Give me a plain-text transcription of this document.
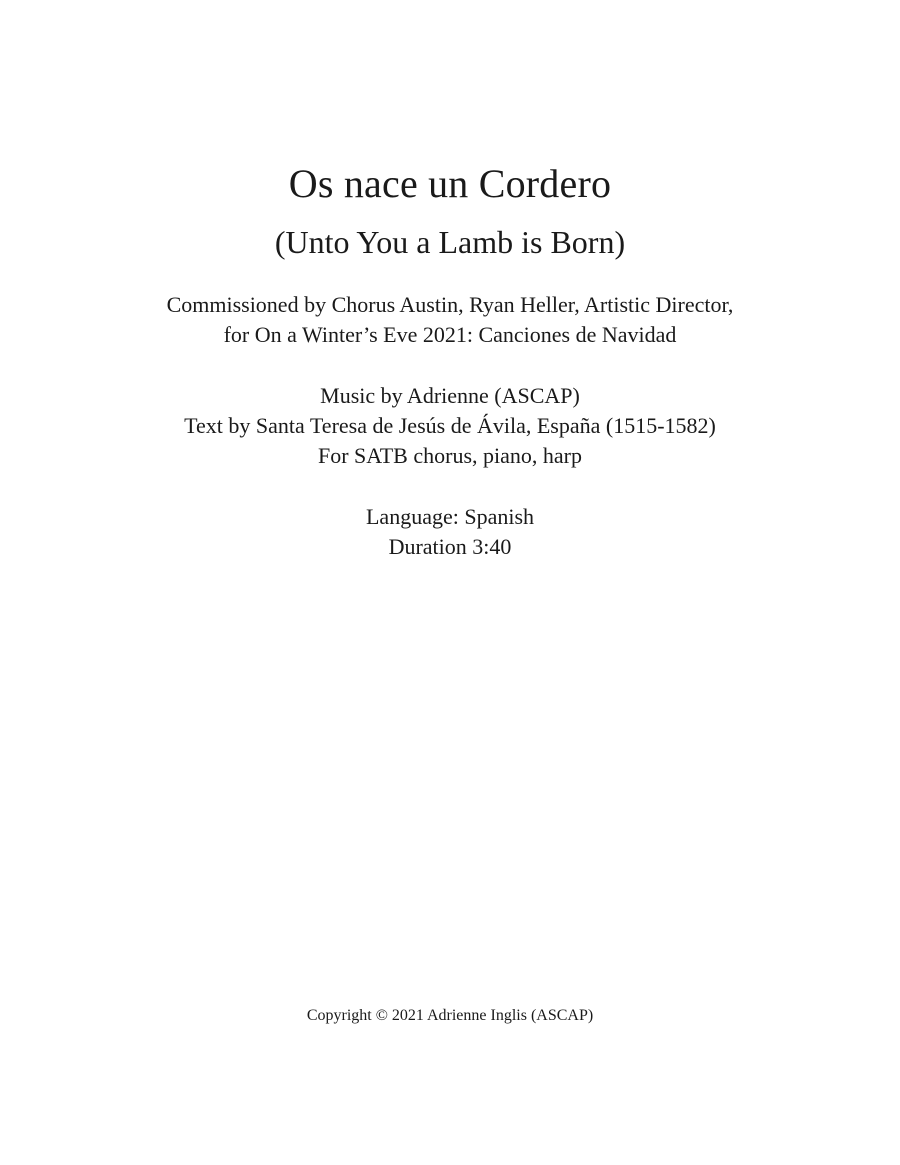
Os nace un Cordero
(Unto You a Lamb is Born)
Commissioned by Chorus Austin, Ryan Heller, Artistic Director,
for On a Winter’s Eve 2021: Canciones de Navidad
Music by Adrienne (ASCAP)
Text by Santa Teresa de Jesús de Ávila, España (1515-1582)
For SATB chorus, piano, harp
Language: Spanish
Duration 3:40
Copyright © 2021 Adrienne Inglis (ASCAP)
